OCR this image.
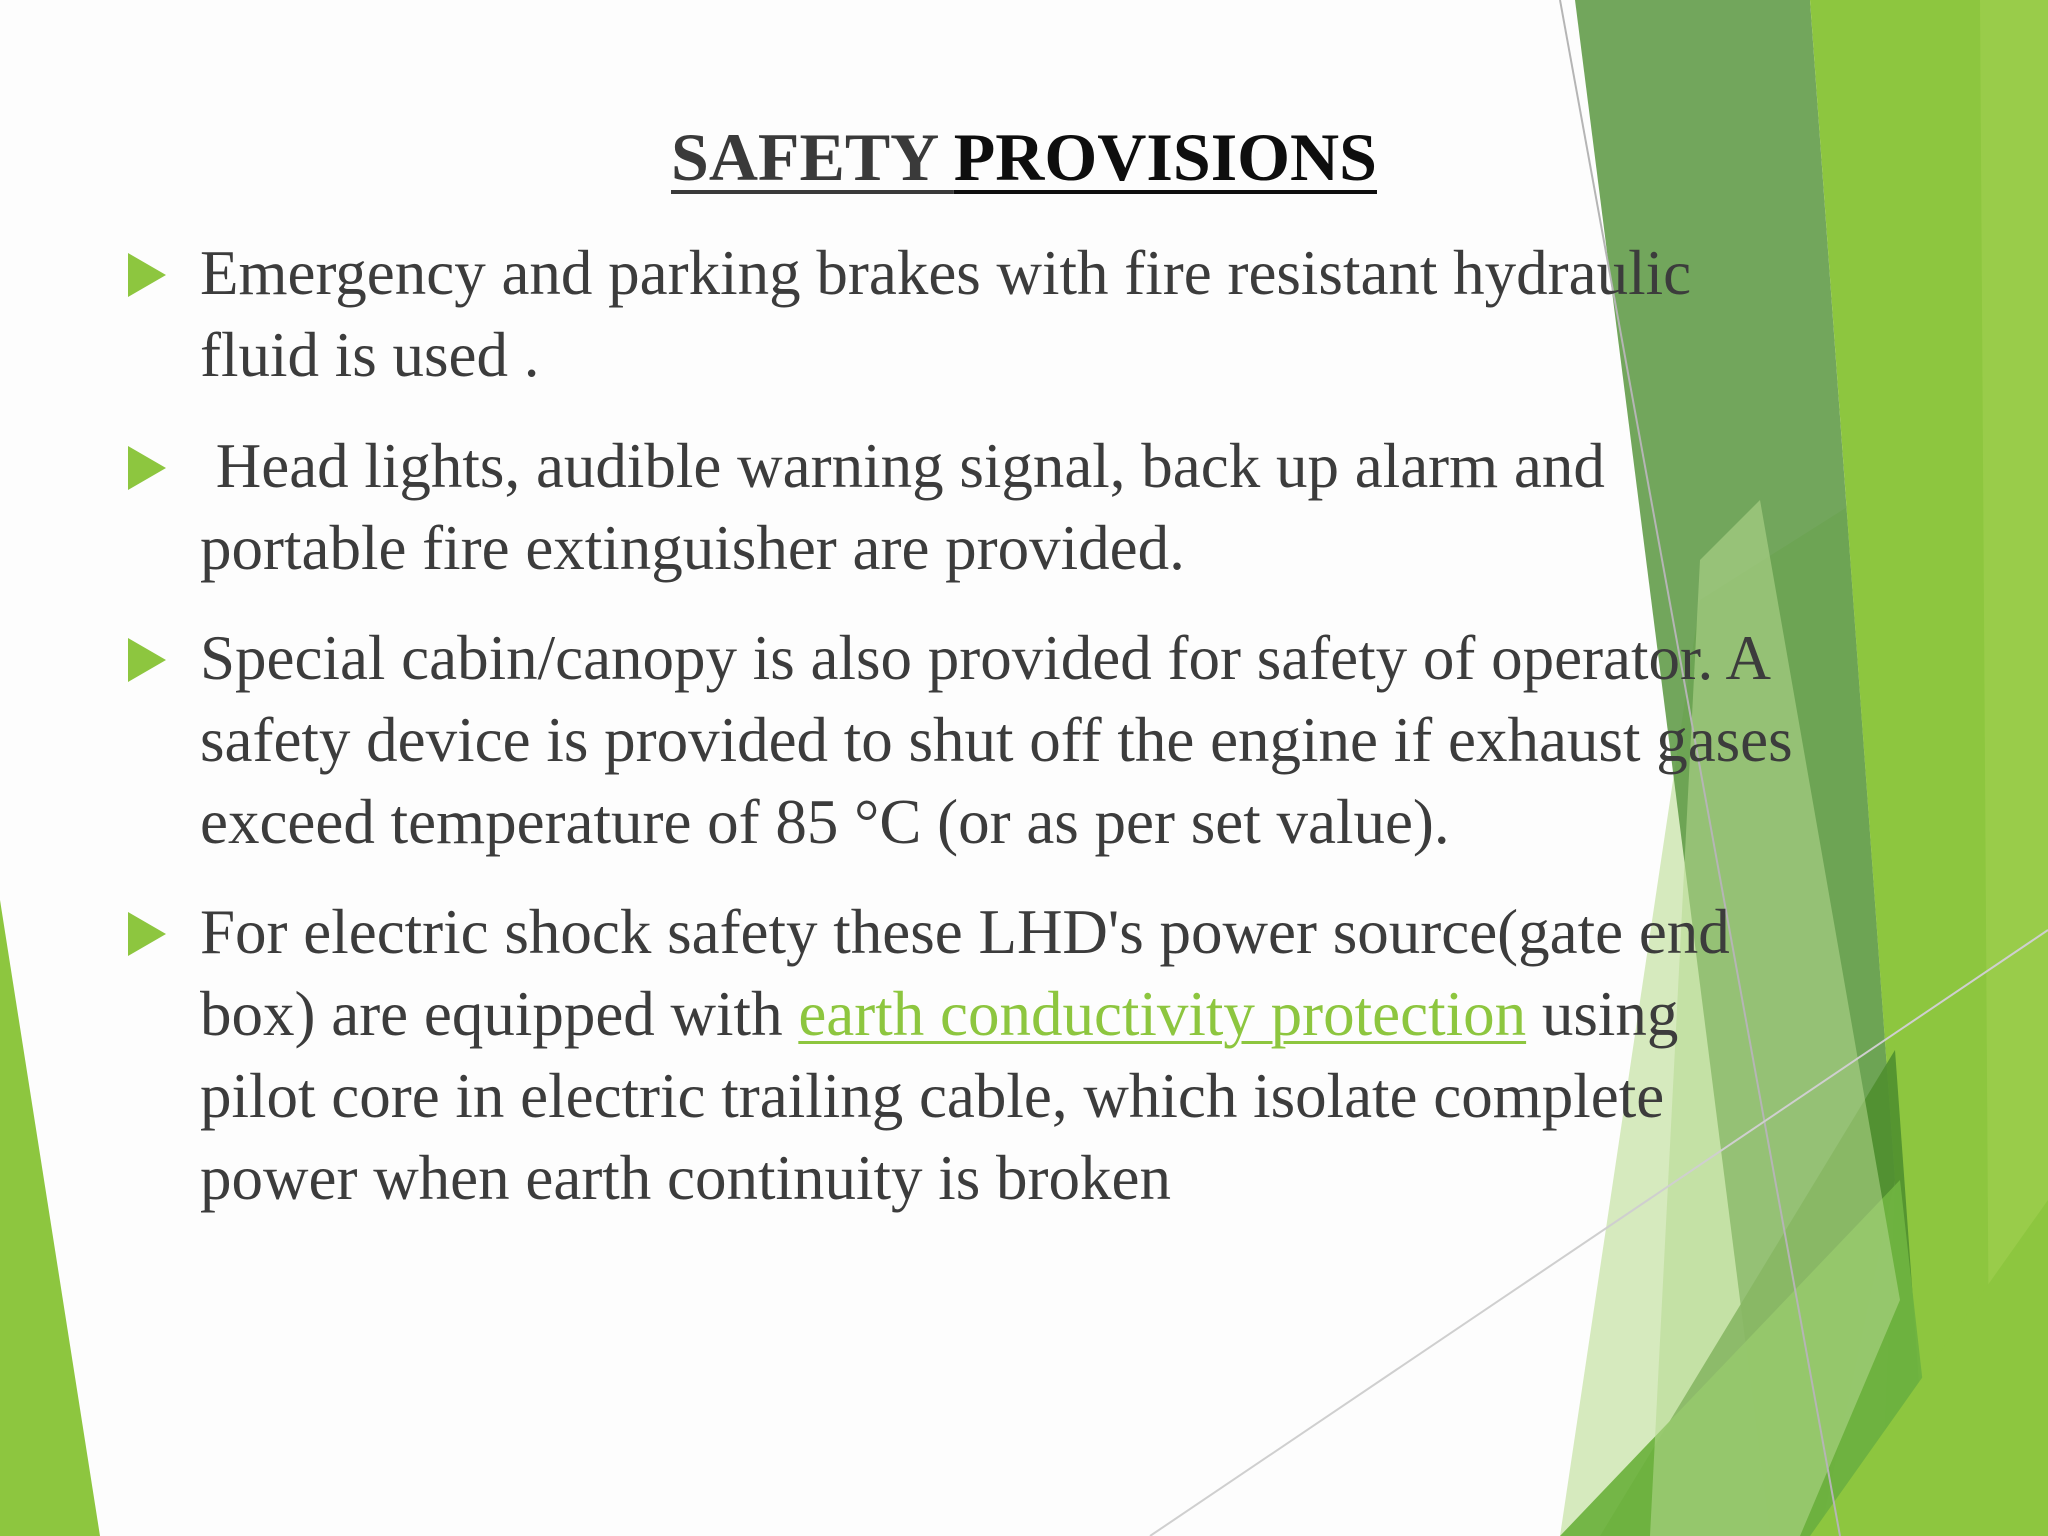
SAFETY PROVISIONS
Emergency and parking brakes with fire resistant hydraulic
fluid is used .
Head lights, audible warning signal, back up alarm and
portable fire extinguisher are provided.
Special cabin/canopy is also provided for safety of operator. A
safety device is provided to shut off the engine if exhaust gases
exceed temperature of 85 °C (or as per set value).
For electric shock safety these LHD's power source(gate end
box) are equipped with earth conductivity protection using
pilot core in electric trailing cable, which isolate complete
power when earth continuity is broken
